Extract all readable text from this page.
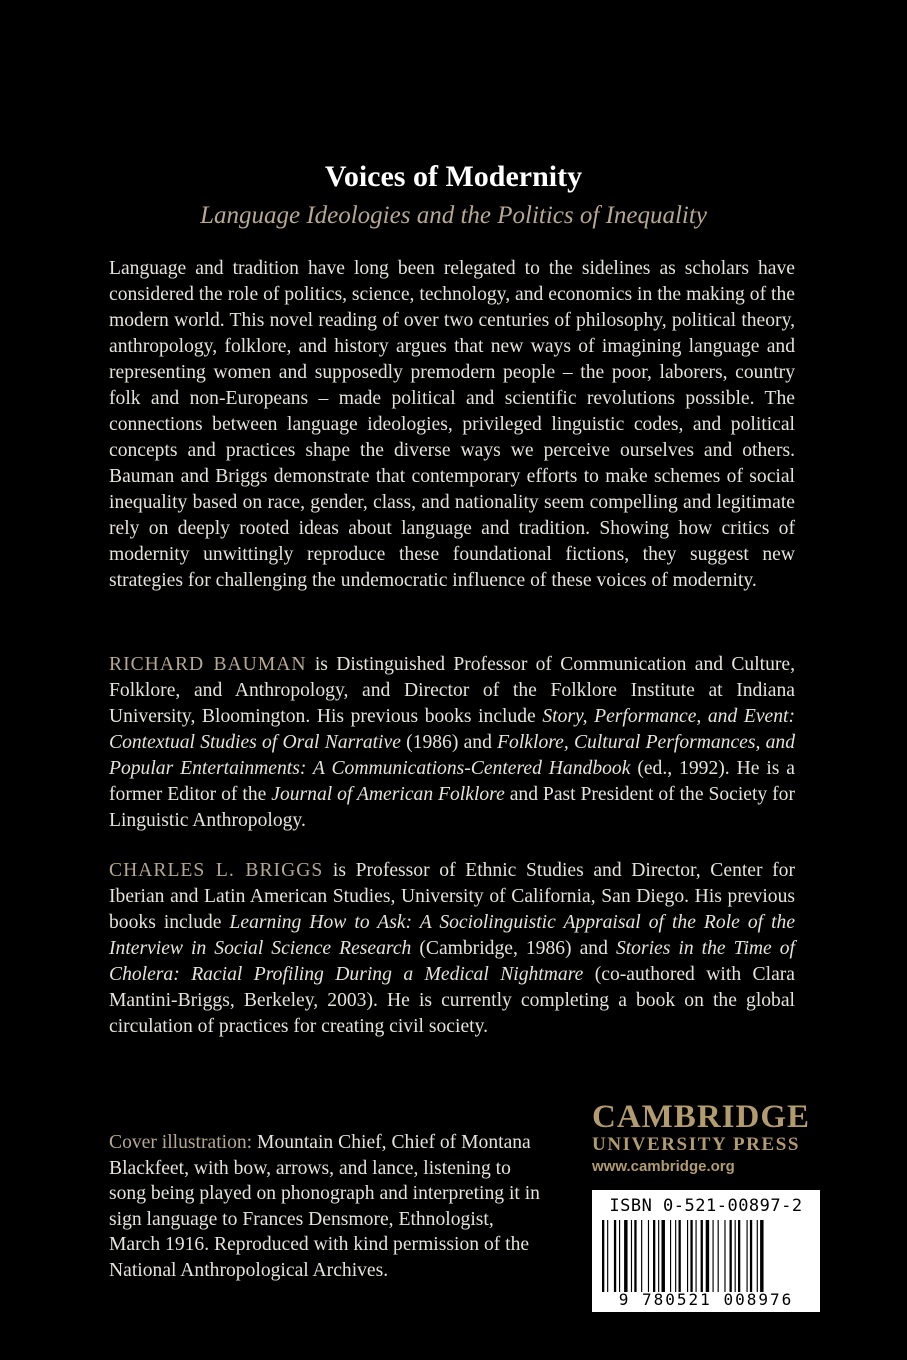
Voices of Modernity
Language Ideologies and the Politics of Inequality

Language and tradition have long been relegated to the sidelines as scholars have considered the role of politics, science, technology, and economics in the making of the modern world. This novel reading of over two centuries of philosophy, political theory, anthropology, folklore, and history argues that new ways of imagining language and representing women and supposedly premodern people – the poor, laborers, country folk and non-Europeans – made political and scientific revolutions possible. The connections between language ideologies, privileged linguistic codes, and political concepts and practices shape the diverse ways we perceive ourselves and others. Bauman and Briggs demonstrate that contemporary efforts to make schemes of social inequality based on race, gender, class, and nationality seem compelling and legitimate rely on deeply rooted ideas about language and tradition. Showing how critics of modernity unwittingly reproduce these foundational fictions, they suggest new strategies for challenging the undemocratic influence of these voices of modernity.

RICHARD BAUMAN is Distinguished Professor of Communication and Culture, Folklore, and Anthropology, and Director of the Folklore Institute at Indiana University, Bloomington. His previous books include Story, Performance, and Event: Contextual Studies of Oral Narrative (1986) and Folklore, Cultural Performances, and Popular Entertainments: A Communications-Centered Handbook (ed., 1992). He is a former Editor of the Journal of American Folklore and Past President of the Society for Linguistic Anthropology.

CHARLES L. BRIGGS is Professor of Ethnic Studies and Director, Center for Iberian and Latin American Studies, University of California, San Diego. His previous books include Learning How to Ask: A Sociolinguistic Appraisal of the Role of the Interview in Social Science Research (Cambridge, 1986) and Stories in the Time of Cholera: Racial Profiling During a Medical Nightmare (co-authored with Clara Mantini-Briggs, Berkeley, 2003). He is currently completing a book on the global circulation of practices for creating civil society.

Cover illustration: Mountain Chief, Chief of Montana Blackfeet, with bow, arrows, and lance, listening to song being played on phonograph and interpreting it in sign language to Frances Densmore, Ethnologist, March 1916. Reproduced with kind permission of the National Anthropological Archives.

CAMBRIDGE
UNIVERSITY PRESS
www.cambridge.org
ISBN 0-521-00897-2
9 780521 008976
